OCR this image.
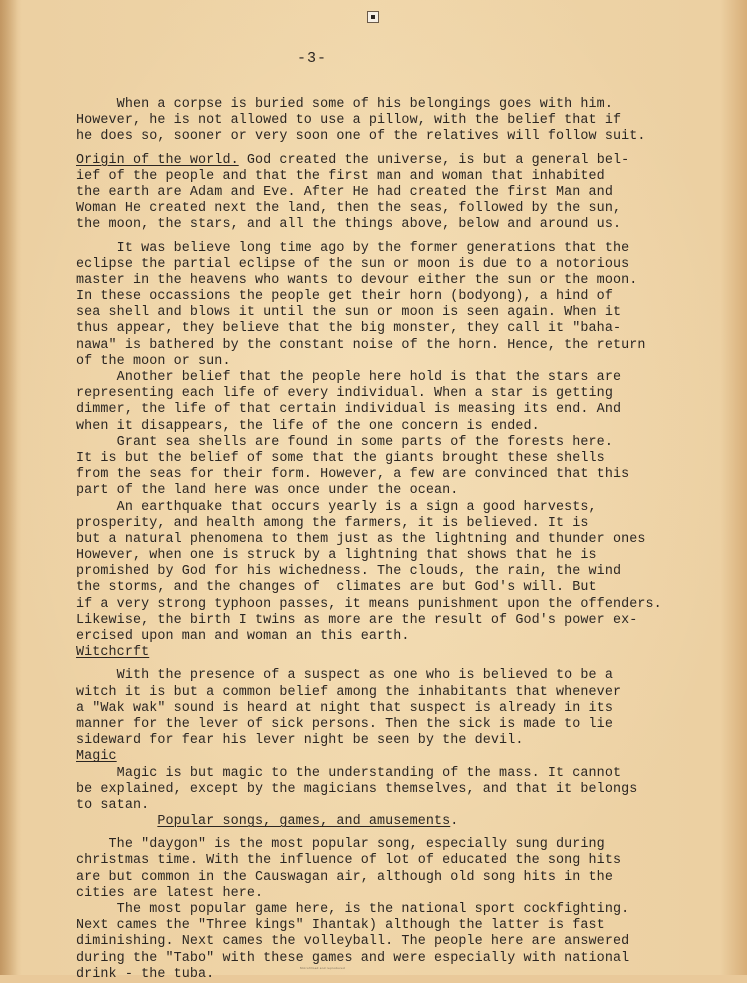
-3-
When a corpse is buried some of his belongings goes with him.
However, he is not allowed to use a pillow, with the belief that if
he does so, sooner or very soon one of the relatives will follow suit.
Origin of the world. God created the universe, is but a general bel-
ief of the people and that the first man and woman that inhabited
the earth are Adam and Eve. After He had created the first Man and
Woman He created next the land, then the seas, followed by the sun,
the moon, the stars, and all the things above, below and around us.
It was believe long time ago by the former generations that the
eclipse the partial eclipse of the sun or moon is due to a notorious
master in the heavens who wants to devour either the sun or the moon.
In these occassions the people get their horn (bodyong), a hind of
sea shell and blows it until the sun or moon is seen again. When it
thus appear, they believe that the big monster, they call it "baha-
nawa" is bathered by the constant noise of the horn. Hence, the return
of the moon or sun.
Another belief that the people here hold is that the stars are
representing each life of every individual. When a star is getting
dimmer, the life of that certain individual is measing its end. And
when it disappears, the life of the one concern is ended.
Grant sea shells are found in some parts of the forests here.
It is but the belief of some that the giants brought these shells
from the seas for their form. However, a few are convinced that this
part of the land here was once under the ocean.
An earthquake that occurs yearly is a sign a good harvests,
prosperity, and health among the farmers, it is believed. It is
but a natural phenomena to them just as the lightning and thunder ones
However, when one is struck by a lightning that shows that he is
promished by God for his wichedness. The clouds, the rain, the wind
the storms, and the changes of  climates are but God's will. But
if a very strong typhoon passes, it means punishment upon the offenders.
Likewise, the birth I twins as more are the result of God's power ex-
ercised upon man and woman an this earth.
Witchcrft
With the presence of a suspect as one who is believed to be a
witch it is but a common belief among the inhabitants that whenever
a "Wak wak" sound is heard at night that suspect is already in its
manner for the lever of sick persons. Then the sick is made to lie
sideward for fear his lever night be seen by the devil.
Magic
Magic is but magic to the understanding of the mass. It cannot
be explained, except by the magicians themselves, and that it belongs
to satan.
Popular songs, games, and amusements.
The "daygon" is the most popular song, especially sung during
christmas time. With the influence of lot of educated the song hits
are but common in the Causwagan air, although old song hits in the
cities are latest here.
The most popular game here, is the national sport cockfighting.
Next cames the "Three kings" Ihantak) although the latter is fast
diminishing. Next cames the volleyball. The people here are answered
during the "Tabo" with these games and were especially with national
drink - the tuba.	Microfilmed and reproduced
